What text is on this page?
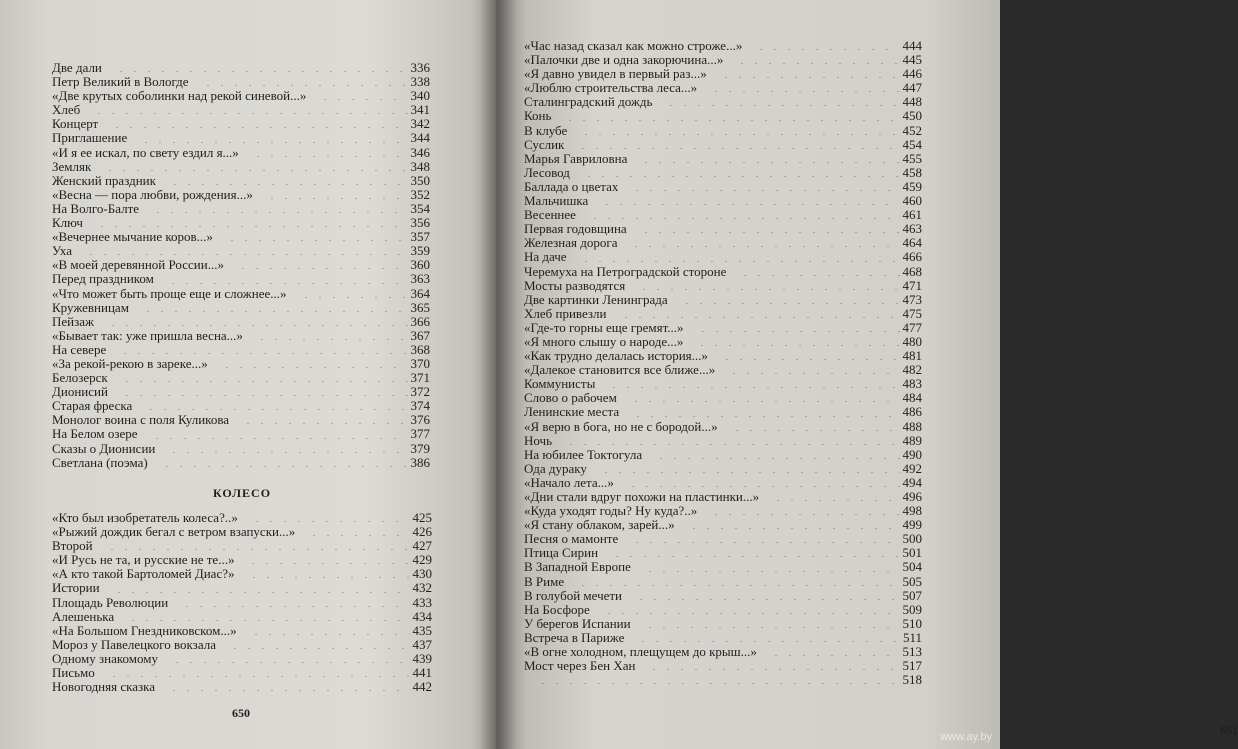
Две дали	336
Петр Великий в Вологде	338
«Две крутых соболинки над рекой синевой...»	340
Хлеб	341
Концерт	342
Приглашение	344
«И я ее искал, по свету ездил я...»	346
Земляк	348
Женский праздник	350
«Весна — пора любви, рождения...»	352
На Волго-Балте	354
Ключ	356
«Вечернее мычание коров...»	357
Уха	359
«В моей деревянной России...»	360
Перед праздником	363
«Что может быть проще еще и сложнее...»	364
Кружевницам	365
Пейзаж	366
«Бывает так: уже пришла весна...»	367
На севере	368
«За рекой-рекою в зареке...»	370
Белозерск	371
Дионисий	372
Старая фреска	374
Монолог воина с поля Куликова	376
На Белом озере	377
Сказы о Дионисии	379
Светлана (поэма)	386
КОЛЕСО
«Кто был изобретатель колеса?..»	425
«Рыжий дождик бегал с ветром взапуски...»	426
Второй	427
«И Русь не та, и русские не те...»	429
«А кто такой Бартоломей Диас?»	430
Истории	432
Площадь Революции	433
Алешенька	434
«На Большом Гнездниковском...»	435
Мороз у Павелецкого вокзала	437
Одному знакомому	439
Письмо	441
Новогодняя сказка	442
650
651
«Час назад сказал как можно строже...»	444
«Палочки две и одна закорючина...»	445
«Я давно увидел в первый раз...»	446
«Люблю строительства леса...»	447
Сталинградский дождь	448
Конь	450
В клубе	452
Суслик	454
Марья Гавриловна	455
Лесовод	458
Баллада о цветах	459
Мальчишка	460
Весеннее	461
Первая годовщина	463
Железная дорога	464
На даче	466
Черемуха на Петроградской стороне	468
Мосты разводятся	471
Две картинки Ленинграда	473
Хлеб привезли	475
«Где-то горны еще гремят...»	477
«Я много слышу о народе...»	480
«Как трудно делалась история...»	481
«Далекое становится все ближе...»	482
Коммунисты	483
Слово о рабочем	484
Ленинские места	486
«Я верю в бога, но не с бородой...»	488
Ночь	489
На юбилее Токтогула	490
Ода дураку	492
«Начало лета...»	494
«Дни стали вдруг похожи на пластинки...»	496
«Куда уходят годы? Ну куда?..»	498
«Я стану облаком, зарей...»	499
Песня о мамонте	500
Птица Сирин	501
В Западной Европе	504
В Риме	505
В голубой мечети	507
На Босфоре	509
У берегов Испании	510
Встреча в Париже	511
«В огне холодном, плещущем до крыш...»	513
Мост через Бен Хан	517
518
www.ay.by
